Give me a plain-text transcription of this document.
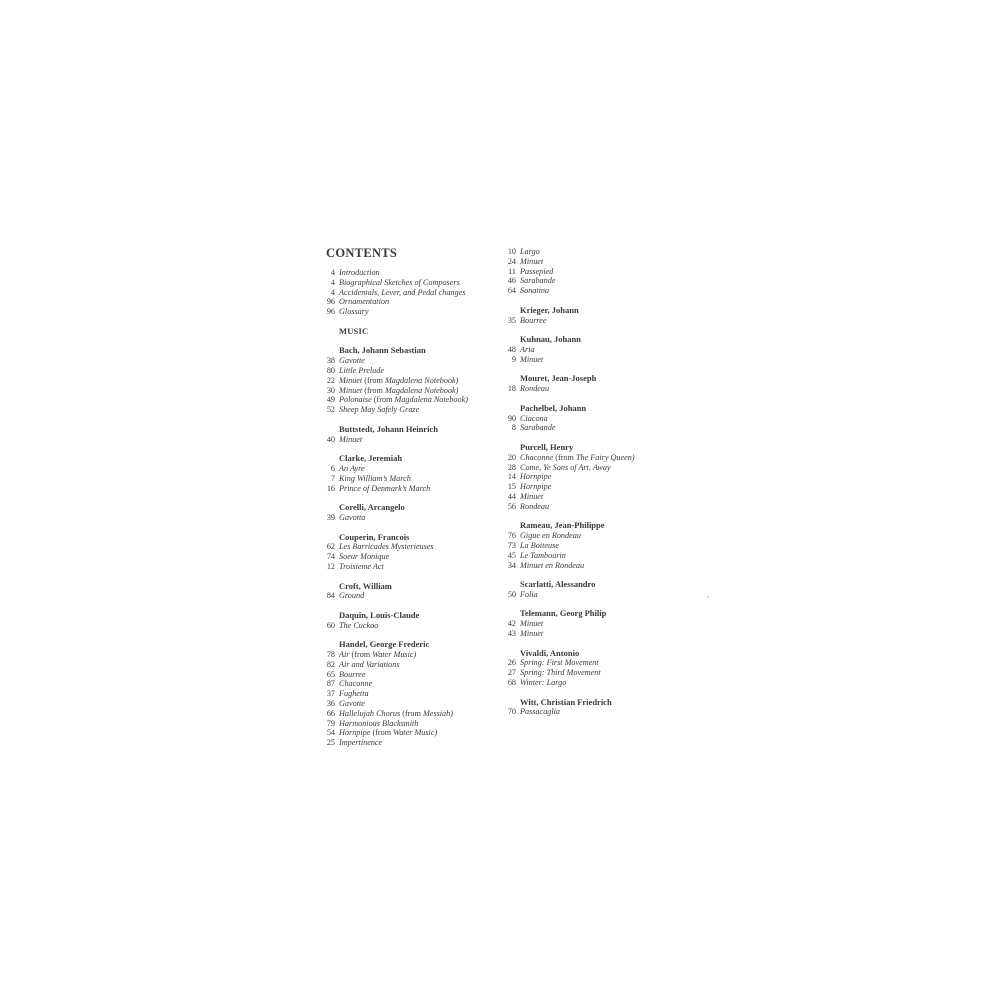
CONTENTS
4 Introduction
4 Biographical Sketches of Composers
4 Accidentals, Lever, and Pedal changes
96 Ornamentation
96 Glossary
MUSIC
Bach, Johann Sebastian
38 Gavotte
80 Little Prelude
22 Minuet (from Magdalena Notebook)
30 Minuet (from Magdalena Notebook)
49 Polonaise (from Magdalena Notebook)
52 Sheep May Safely Graze
Buttstedt, Johann Heinrich
40 Minuet
Clarke, Jeremiah
6 An Ayre
7 King William’s March
16 Prince of Denmark’s March
Corelli, Arcangelo
39 Gavotta
Couperin, Francois
62 Les Barricades Mysterieuses
74 Soeur Monique
12 Troisieme Act
Croft, William
84 Ground
Daquin, Louis-Claude
60 The Cuckoo
Handel, George Frederic
78 Air (from Water Music)
82 Air and Variations
65 Bourree
87 Chaconne
37 Fughetta
36 Gavotte
66 Hallelujah Chorus (from Messiah)
79 Harmonious Blacksmith
54 Hornpipe (from Water Music)
25 Impertinence
10 Largo
24 Minuet
11 Passepied
46 Sarabande
64 Sonatina
Krieger, Johann
35 Bourree
Kuhnau, Johann
48 Aria
9 Minuet
Mouret, Jean-Joseph
18 Rondeau
Pachelbel, Johann
90 Ciacona
8 Sarabande
Purcell, Henry
20 Chaconne (from The Fairy Queen)
28 Come, Ye Sons of Art, Away
14 Hornpipe
15 Hornpipe
44 Minuet
56 Rondeau
Rameau, Jean-Philippe
76 Gigue en Rondeau
73 La Boiteuse
45 Le Tambourin
34 Minuet en Rondeau
Scarlatti, Alessandro
50 Folia
Telemann, Georg Philip
42 Minuet
43 Minuet
Vivaldi, Antonio
26 Spring: First Movement
27 Spring: Third Movement
68 Winter: Largo
Witt, Christian Friedrich
70 Passacaglia
